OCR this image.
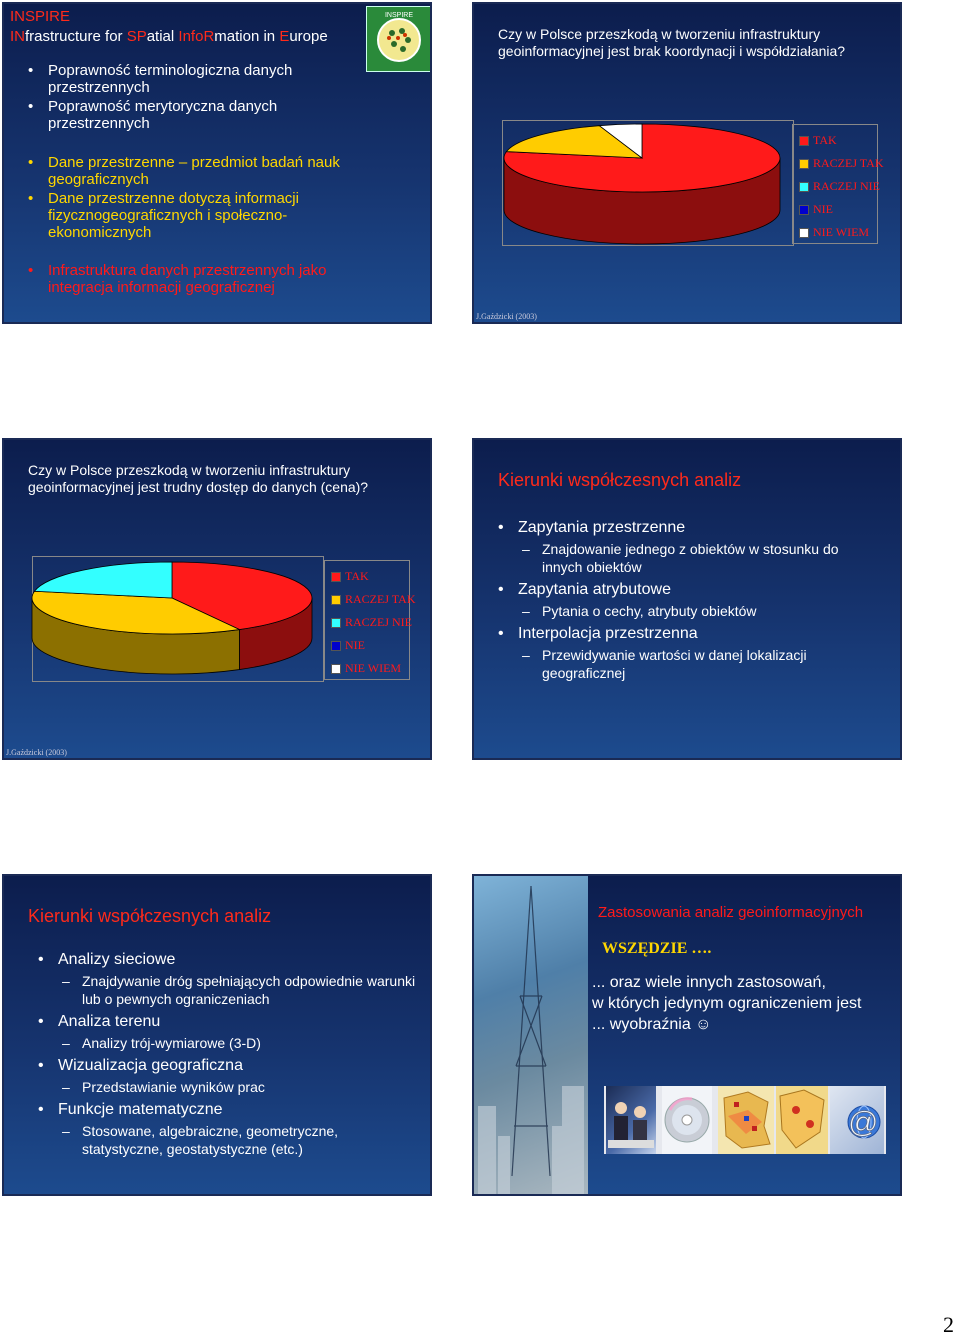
INSPIRE
INfrastructure for SPatial InfoRmation in Europe
INSPIRE
• Poprawność terminologiczna danych przestrzennych
• Poprawność merytoryczna danych przestrzennych
• Dane przestrzenne – przedmiot badań nauk geograficznych
• Dane przestrzenne dotyczą informacji fizycznogeograficznych i społeczno-ekonomicznych
• Infrastruktura danych przestrzennych jako integracja informacji geograficznej
Czy w Polsce przeszkodą w tworzeniu infrastruktury geoinformacyjnej jest brak koordynacji i współdziałania?
TAK
RACZEJ TAK
RACZEJ NIE
NIE
NIE WIEM
J.Gaździcki (2003)
Czy w Polsce przeszkodą w tworzeniu infrastruktury geoinformacyjnej jest trudny dostęp do danych (cena)?
TAK
RACZEJ TAK
RACZEJ NIE
NIE
NIE WIEM
J.Gaździcki (2003)
Kierunki współczesnych analiz
• Zapytania przestrzenne
– Znajdowanie jednego z obiektów w stosunku do innych obiektów
• Zapytania atrybutowe
– Pytania o cechy, atrybuty obiektów
• Interpolacja przestrzenna
– Przewidywanie wartości w danej lokalizacji geograficznej
Kierunki współczesnych analiz
• Analizy sieciowe
– Znajdywanie dróg spełniających odpowiednie warunki lub o pewnych ograniczeniach
• Analiza terenu
– Analizy trój-wymiarowe (3-D)
• Wizualizacja geograficzna
– Przedstawianie wyników prac
• Funkcje matematyczne
– Stosowane, algebraiczne, geometryczne, statystyczne, geostatystyczne (etc.)
Zastosowania analiz geoinformacyjnych
WSZĘDZIE ….
... oraz wiele innych zastosowań,
w których jedynym ograniczeniem jest
... wyobraźnia ☺
@
2
